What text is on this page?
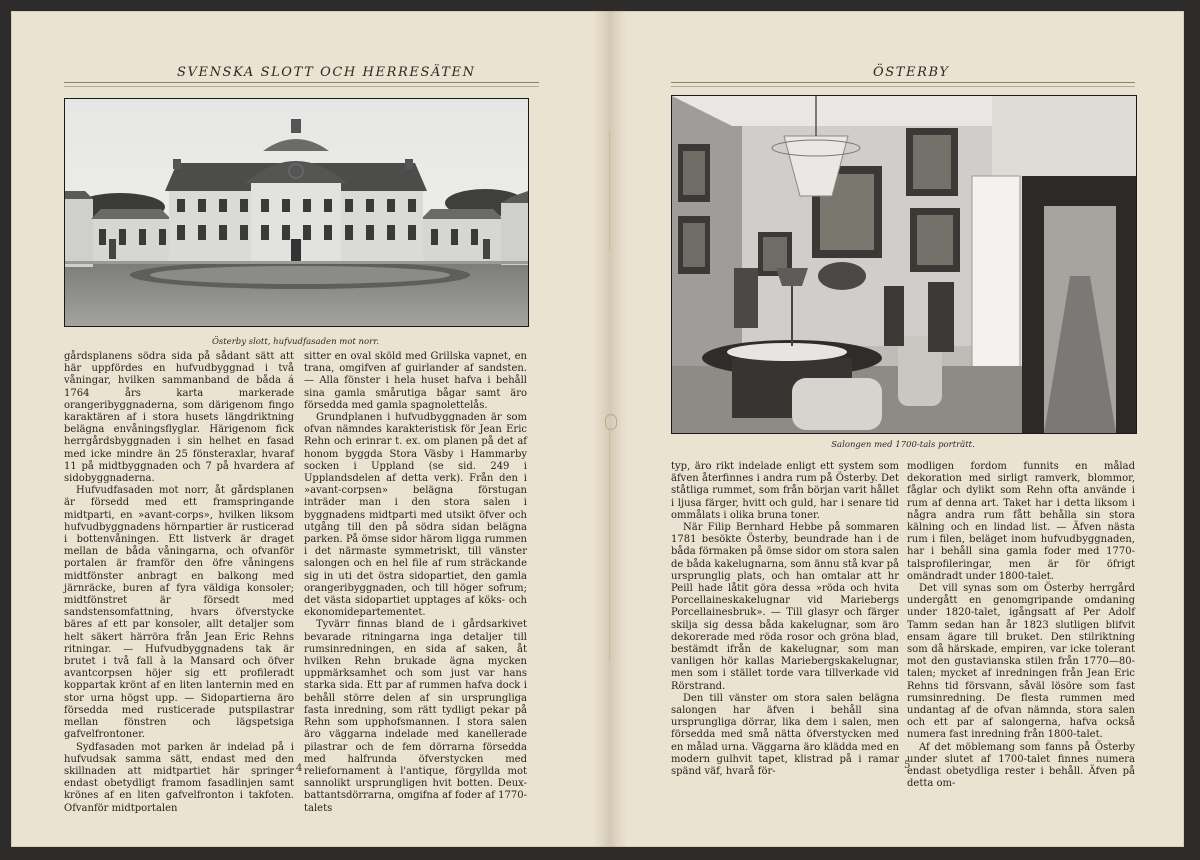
SVENSKA SLOTT OCH HERRESÄTEN
Österby slott, hufvudfasaden mot norr.

gårdsplanens södra sida på sådant sätt att här uppfördes en hufvudbyggnad i två våningar, hvilken sammanband de båda á 1764 års karta markerade orangeribyggnaderna, som därigenom fingo karaktären af i stora husets längdriktning belägna envåningsflyglar. Härigenom fick herrgårdsbyggnaden i sin helhet en fasad med icke mindre än 25 fönsteraxlar, hvaraf 11 på midtbyggnaden och 7 på hvardera af sidobyggnaderna.

Hufvudfasaden mot norr, åt gårdsplanen är försedd med ett framspringande midtparti, en »avant-corps», hvilken liksom hufvudbyggnadens hörnpartier är rusticerad i bottenvåningen. Ett listverk är draget mellan de båda våningarna, och ofvanför portalen är framför den öfre våningens midtfönster anbragt en balkong med järnräcke, buren af fyra väldiga konsoler; midtfönstret är försedt med sandstensomfattning, hvars öfverstycke bäres af ett par konsoler, allt detaljer som helt säkert härröra från Jean Eric Rehns ritningar. — Hufvudbyggnadens tak är brutet i två fall à la Mansard och öfver avantcorpsen höjer sig ett profileradt koppartak krönt af en liten lanternin med en stor urna högst upp. — Sidopartierna äro försedda med rusticerade putspilastrar mellan fönstren och lägspetsiga gafvelfrontoner.

Sydfasaden mot parken är indelad på i hufvudsak samma sätt, endast med den skillnaden att midtpartiet här springer endast obetydligt framom fasadlinjen samt krönes af en liten gafvelfronton i takfoten. Ofvanför midtportalen

sitter en oval sköld med Grillska vapnet, en trana, omgifven af guirlander af sandsten. — Alla fönster i hela huset hafva i behåll sina gamla smårutiga bågar samt äro försedda med gamla spagnolettelås.

Grundplanen i hufvudbyggnaden är som ofvan nämndes karakteristisk för Jean Eric Rehn och erinrar t. ex. om planen på det af honom byggda Stora Väsby i Hammarby socken i Uppland (se sid. 249 i Upplandsdelen af detta verk). Från den i »avant-corpsen» belägna förstugan inträder man i den stora salen i byggnadens midtparti med utsikt öfver och utgång till den på södra sidan belägna parken. På ömse sidor härom ligga rummen i det närmaste symmetriskt, till vänster salongen och en hel file af rum sträckande sig in uti det östra sidopartiet, den gamla orangeribyggnaden, och till höger sofrum; det västa sidopartiet upptages af köks- och ekonomidepartementet.

Tyvärr finnas bland de i gårdsarkivet bevarade ritningarna inga detaljer till rumsinredningen, en sida af saken, åt hvilken Rehn brukade ägna mycken uppmärksamhet och som just var hans starka sida. Ett par af rummen hafva dock i behåll större delen af sin ursprungliga fasta inredning, som rätt tydligt pekar på Rehn som upphofsmannen. I stora salen äro väggarna indelade med kanellerade pilastrar och de fem dörrarna försedda med halfrunda öfverstycken med reliefornament à l'antique, förgyllda mot sannolikt ursprungligen hvit botten. Deux-battantsdörrarna, omgifna af foder af 1770-talets

4
ÖSTERBY
Salongen med 1700-tals porträtt.

typ, äro rikt indelade enligt ett system som äfven återfinnes i andra rum på Österby. Det ståtliga rummet, som från början varit hållet i ljusa färger, hvitt och guld, har i senare tid ommålats i olika bruna toner.

När Filip Bernhard Hebbe på sommaren 1781 besökte Österby, beundrade han i de båda förmaken på ömse sidor om stora salen de båda kakelugnarna, som ännu stå kvar på ursprunglig plats, och han omtalar att hr Peill hade låtit göra dessa »röda och hvita Porcellaineskakelugnar vid Mariebergs Porcellainesbruk». — Till glasyr och färger skilja sig dessa båda kakelugnar, som äro dekorerade med röda rosor och gröna blad, bestämdt ifrån de kakelugnar, som man vanligen hör kallas Mariebergskakelugnar, men som i stället torde vara tillverkade vid Rörstrand.

Den till vänster om stora salen belägna salongen har äfven i behåll sina ursprungliga dörrar, lika dem i salen, men försedda med små nätta öfverstycken med en målad urna. Väggarna äro klädda med en modern gulhvit tapet, klistrad på i ramar spänd väf, hvarå för-

modligen fordom funnits en målad dekoration med sirligt ramverk, blommor, fåglar och dylikt som Rehn ofta använde i rum af denna art. Taket har i detta liksom i några andra rum fått behålla sin stora kälning och en lindad list. — Äfven nästa rum i filen, beläget inom hufvudbyggnaden, har i behåll sina gamla foder med 1770-talsprofileringar, men är för öfrigt omändradt under 1800-talet.

Det vill synas som om Österby herrgård undergått en genomgripande omdaning under 1820-talet, igångsatt af Per Adolf Tamm sedan han år 1823 slutligen blifvit ensam ägare till bruket. Den stilriktning som då härskade, empiren, var icke tolerant mot den gustavianska stilen från 1770—80-talen; mycket af inredningen från Jean Eric Rehns tid försvann, såväl lösöre som fast rumsinredning. De flesta rummen med undantag af de ofvan nämnda, stora salen och ett par af salongerna, hafva också numera fast inredning från 1800-talet.

Af det möblemang som fanns på Österby under slutet af 1700-talet finnes numera endast obetydliga rester i behåll. Äfven på detta om-

5
